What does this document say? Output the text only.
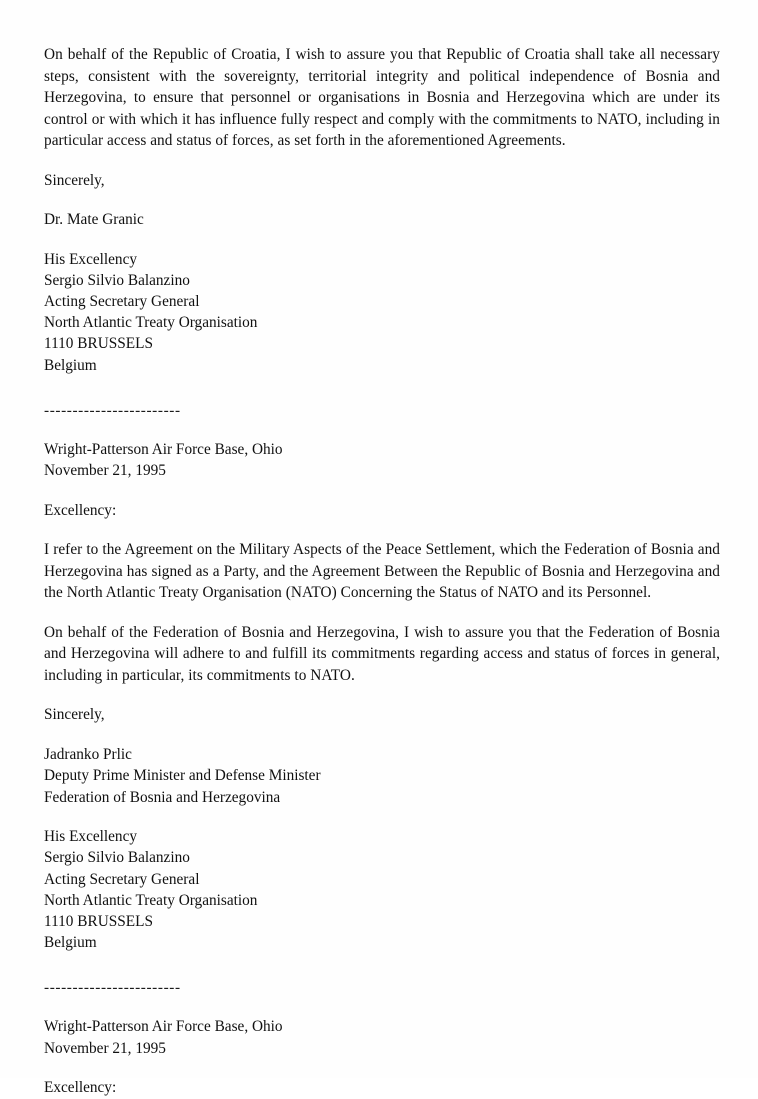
On behalf of the Republic of Croatia, I wish to assure you that Republic of Croatia shall take all necessary steps, consistent with the sovereignty, territorial integrity and political independence of Bosnia and Herzegovina, to ensure that personnel or organisations in Bosnia and Herzegovina which are under its control or with which it has influence fully respect and comply with the commitments to NATO, including in particular access and status of forces, as set forth in the aforementioned Agreements.

Sincerely,

Dr. Mate Granic

His Excellency

Sergio Silvio Balanzino

Acting Secretary General

North Atlantic Treaty Organisation

1110 BRUSSELS

Belgium

------------------------

Wright-Patterson Air Force Base, Ohio

November 21, 1995

Excellency:

I refer to the Agreement on the Military Aspects of the Peace Settlement, which the Federation of Bosnia and Herzegovina has signed as a Party, and the Agreement Between the Republic of Bosnia and Herzegovina and the North Atlantic Treaty Organisation (NATO) Concerning the Status of NATO and its Personnel.

On behalf of the Federation of Bosnia and Herzegovina, I wish to assure you that the Federation of Bosnia and Herzegovina will adhere to and fulfill its commitments regarding access and status of forces in general, including in particular, its commitments to NATO.

Sincerely,

Jadranko Prlic

Deputy Prime Minister and Defense Minister

Federation of Bosnia and Herzegovina

His Excellency

Sergio Silvio Balanzino

Acting Secretary General

North Atlantic Treaty Organisation

1110 BRUSSELS

Belgium

------------------------

Wright-Patterson Air Force Base, Ohio

November 21, 1995

Excellency:
